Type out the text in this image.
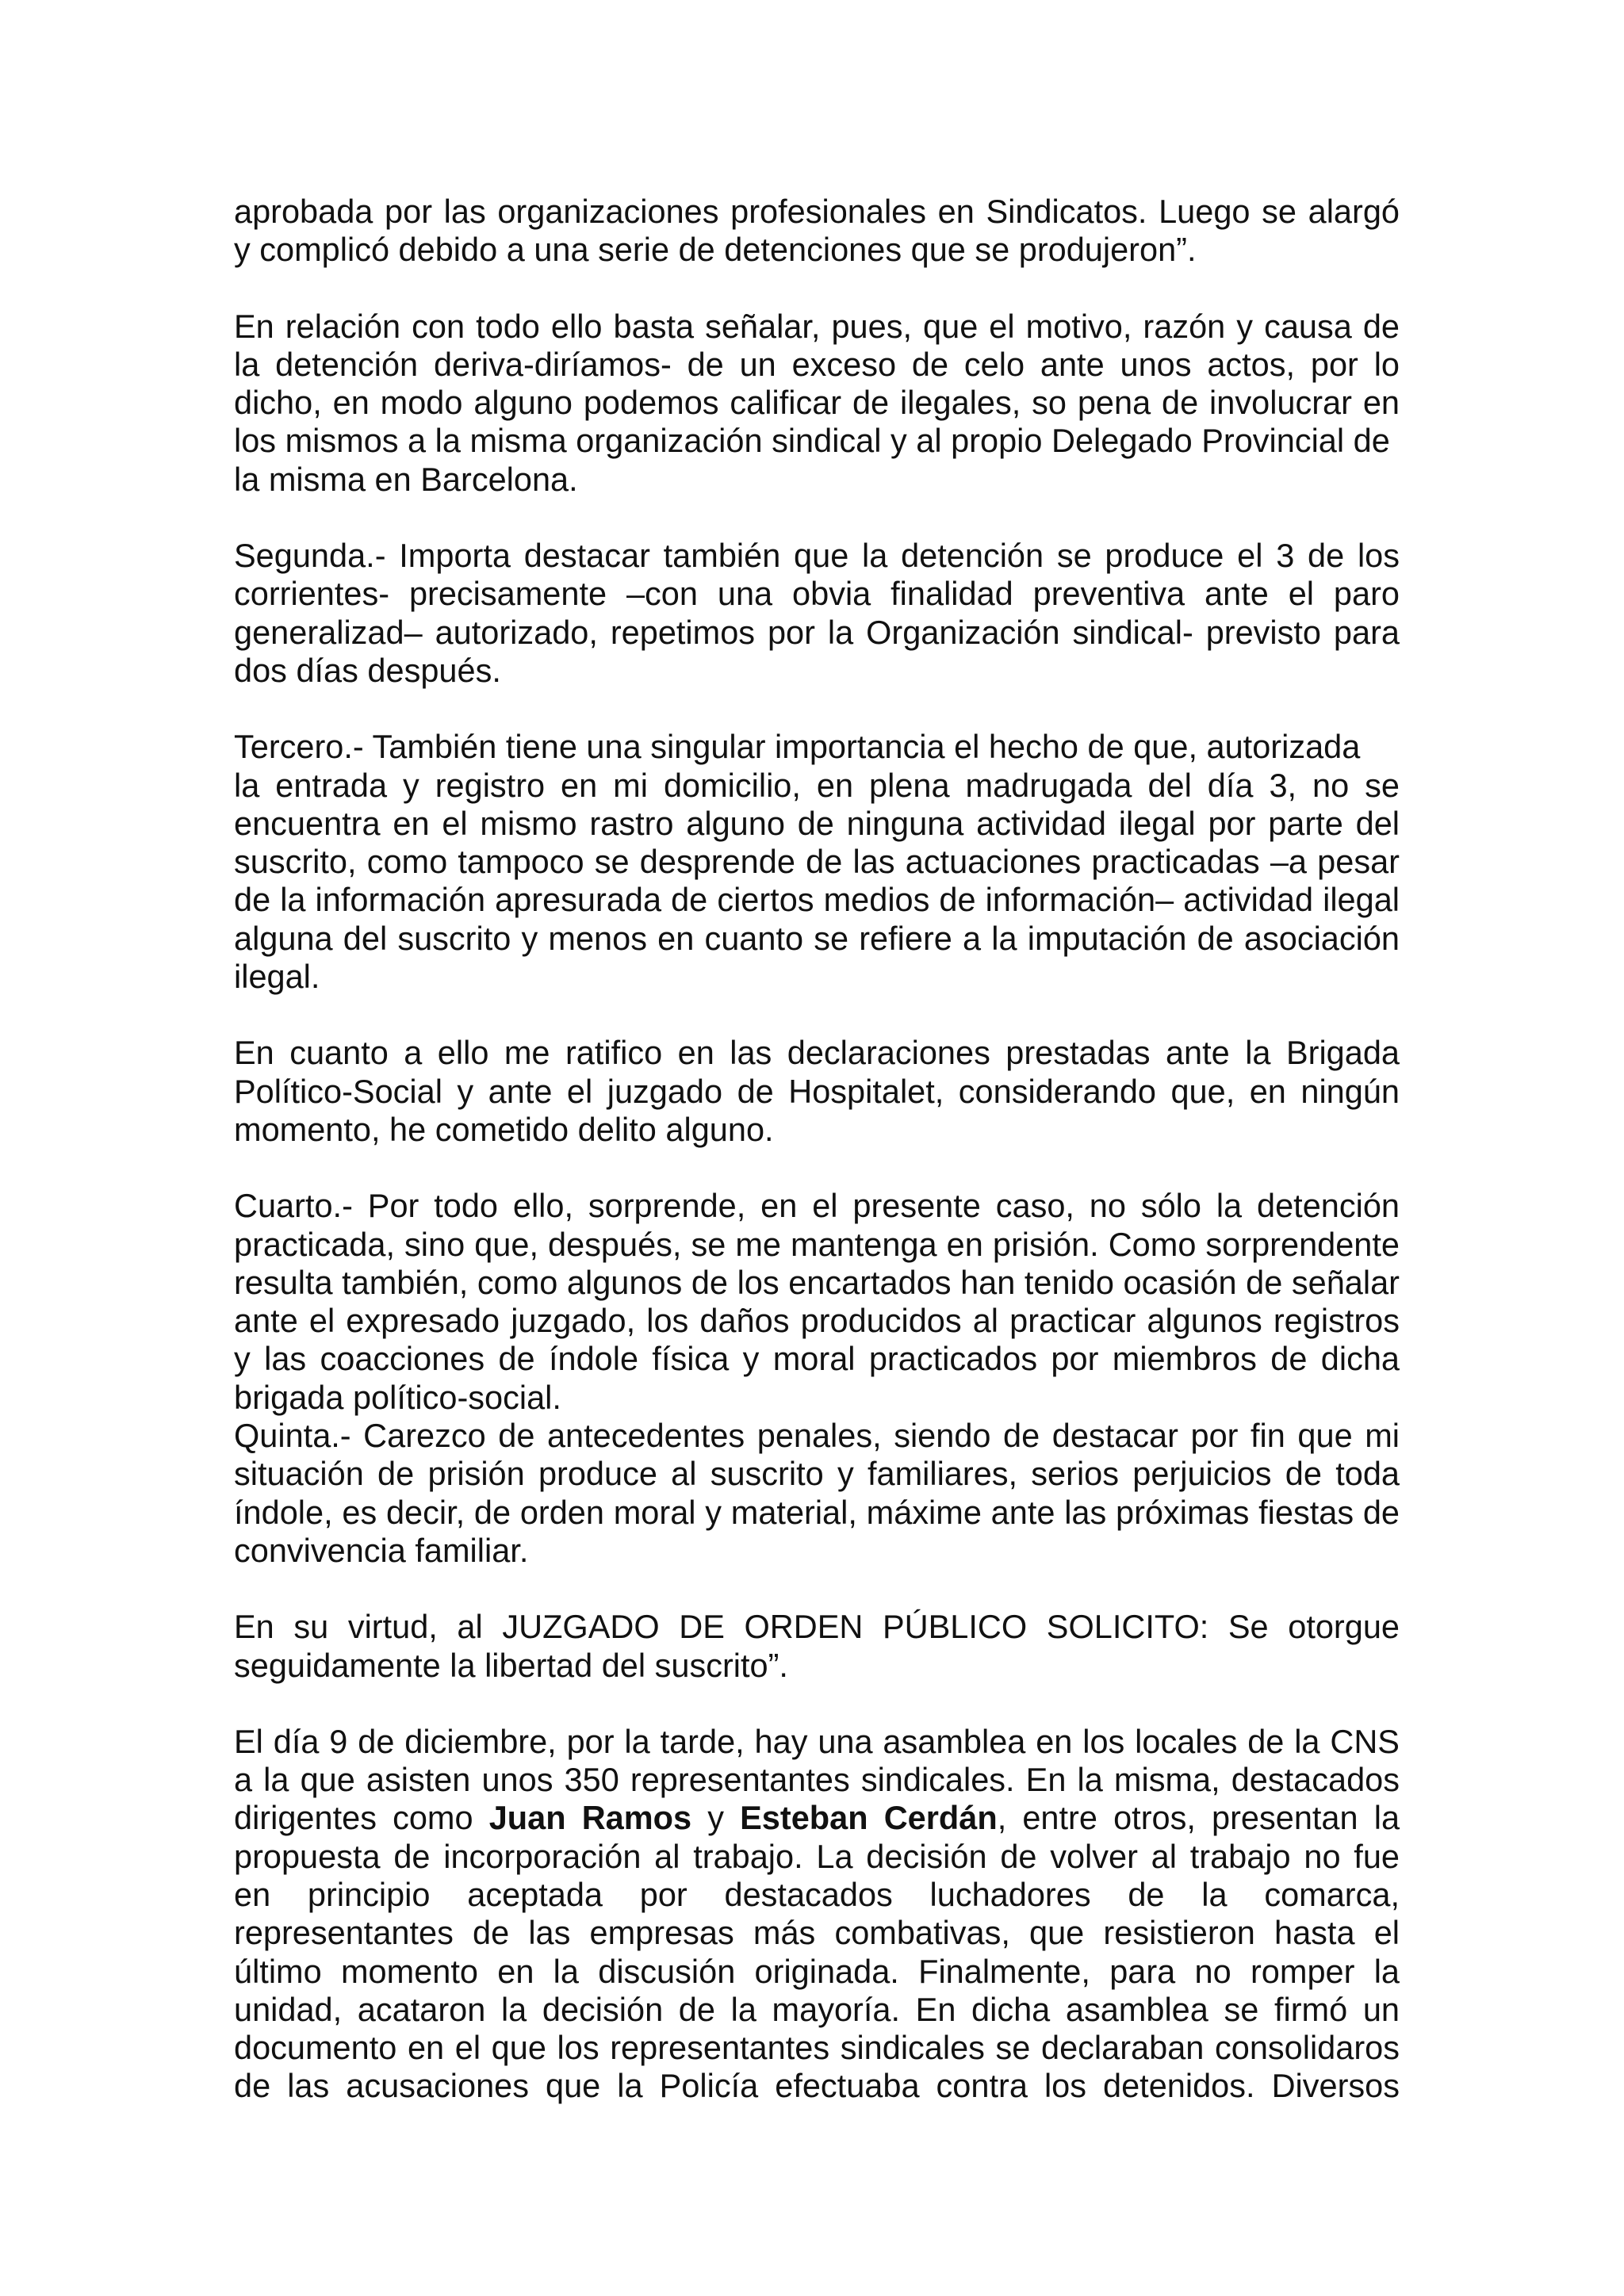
aprobada por las organizaciones profesionales en Sindicatos. Luego se alargó
y complicó debido a una serie de detenciones que se produjeron”.
En relación con todo ello basta señalar, pues, que el motivo, razón y causa de
la detención deriva-diríamos- de un exceso de celo ante unos actos, por lo
dicho, en modo alguno podemos calificar de ilegales, so pena de involucrar en
los mismos a la misma organización sindical y al propio Delegado Provincial de
la misma en Barcelona.
Segunda.- Importa destacar también que la detención se produce el 3 de los
corrientes- precisamente –con una obvia finalidad preventiva ante el paro
generalizad– autorizado, repetimos por la Organización sindical- previsto para
dos días después.
Tercero.- También tiene una singular importancia el hecho de que, autorizada
la entrada y registro en mi domicilio, en plena madrugada del día 3, no se
encuentra en el mismo rastro alguno de ninguna actividad ilegal por parte del
suscrito, como tampoco se desprende de las actuaciones practicadas –a pesar
de la información apresurada de ciertos medios de información– actividad ilegal
alguna del suscrito y menos en cuanto se refiere a la imputación de asociación
ilegal.
En cuanto a ello me ratifico en las declaraciones prestadas ante la Brigada
Político-Social y ante el juzgado de Hospitalet, considerando que, en ningún
momento, he cometido delito alguno.
Cuarto.- Por todo ello, sorprende, en el presente caso, no sólo la detención
practicada, sino que, después, se me mantenga en prisión. Como sorprendente
resulta también, como algunos de los encartados han tenido ocasión de señalar
ante el expresado juzgado, los daños producidos al practicar algunos registros
y las coacciones de índole física y moral practicados por miembros de dicha
brigada político-social.
Quinta.- Carezco de antecedentes penales, siendo de destacar por fin que mi
situación de prisión produce al suscrito y familiares, serios perjuicios de toda
índole, es decir, de orden moral y material, máxime ante las próximas fiestas de
convivencia familiar.
En su virtud, al JUZGADO DE ORDEN PÚBLICO SOLICITO: Se otorgue
seguidamente la libertad del suscrito”.
El día 9 de diciembre, por la tarde, hay una asamblea en los locales de la CNS
a la que asisten unos 350 representantes sindicales. En la misma, destacados
dirigentes como Juan Ramos y Esteban Cerdán, entre otros, presentan la
propuesta de incorporación al trabajo. La decisión de volver al trabajo no fue
en principio aceptada por destacados luchadores de la comarca,
representantes de las empresas más combativas, que resistieron hasta el
último momento en la discusión originada. Finalmente, para no romper la
unidad, acataron la decisión de la mayoría. En dicha asamblea se firmó un
documento en el que los representantes sindicales se declaraban consolidaros
de las acusaciones que la Policía efectuaba contra los detenidos. Diversos
